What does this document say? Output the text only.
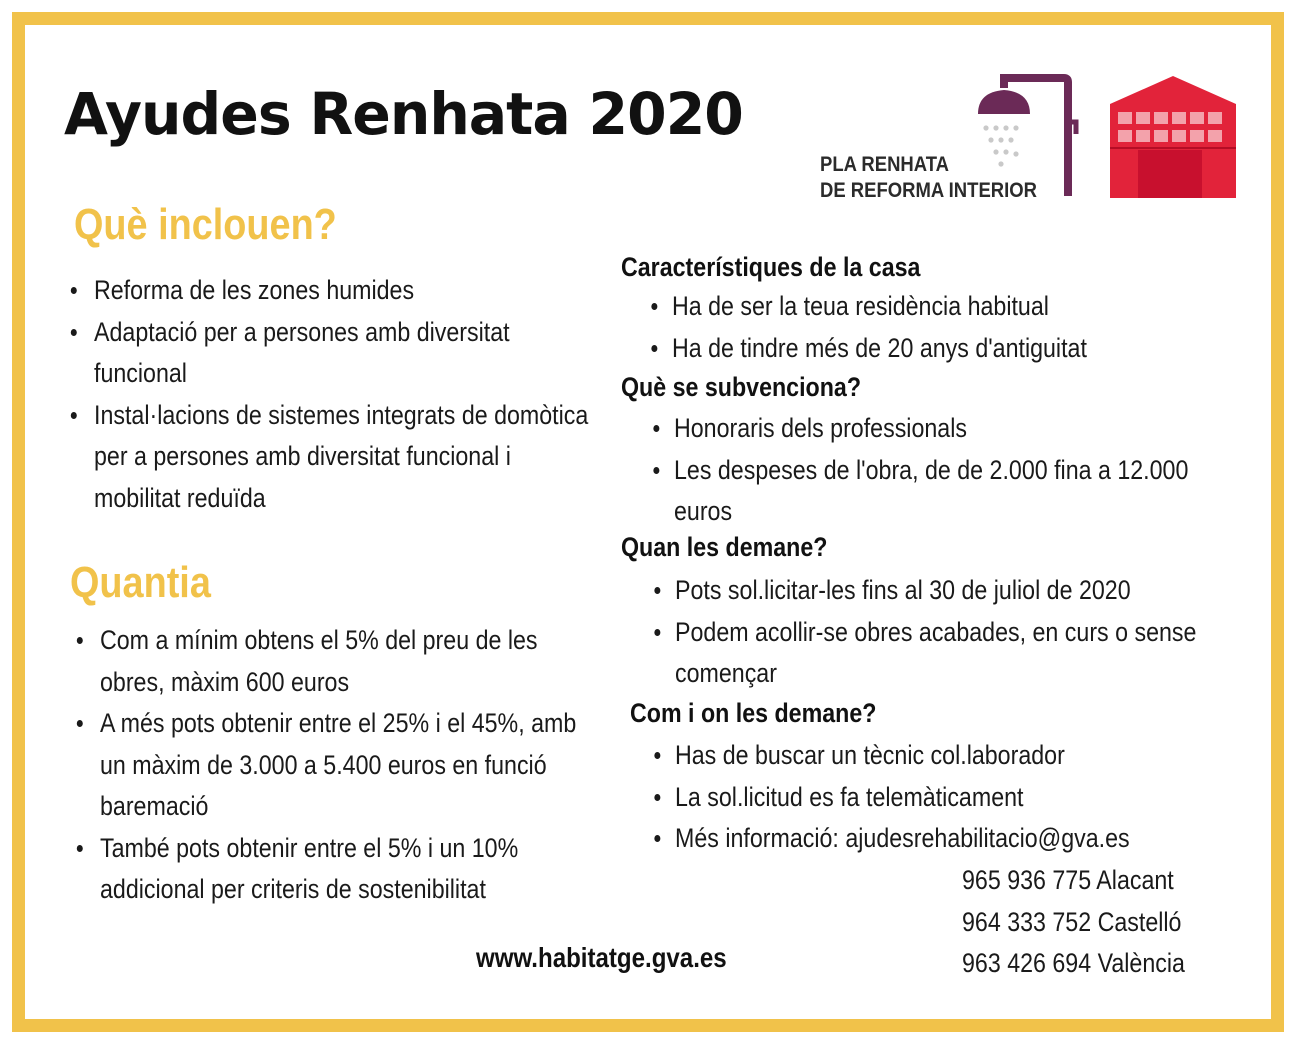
Ayudes Renhata 2020
PLA RENHATA
DE REFORMA INTERIOR
Què inclouen?
Reforma de les zones humides
Adaptació per a persones amb diversitat funcional
Instal·lacions de sistemes integrats de domòtica per a persones amb diversitat funcional i mobilitat reduïda
Quantia
Com a mínim obtens el 5% del preu de les obres, màxim 600 euros
A més pots obtenir entre el 25% i el 45%, amb un màxim de 3.000 a 5.400 euros en funció baremació
També pots obtenir entre el 5% i un 10% addicional per criteris de sostenibilitat
Característiques de la casa
Ha de ser la teua residència habitual
Ha de tindre més de 20 anys d'antiguitat
Què se subvenciona?
Honoraris dels professionals
Les despeses de l'obra, de de 2.000 fina a 12.000 euros
Quan les demane?
Pots sol.licitar-les fins al 30 de juliol de 2020
Podem acollir-se obres acabades, en curs o sense començar
Com i on les demane?
Has de buscar un tècnic col.laborador
La sol.licitud es fa telemàticament
Més informació: ajudesrehabilitacio@gva.es
965 936 775 Alacant
964 333 752 Castelló
963 426 694 València
www.habitatge.gva.es
